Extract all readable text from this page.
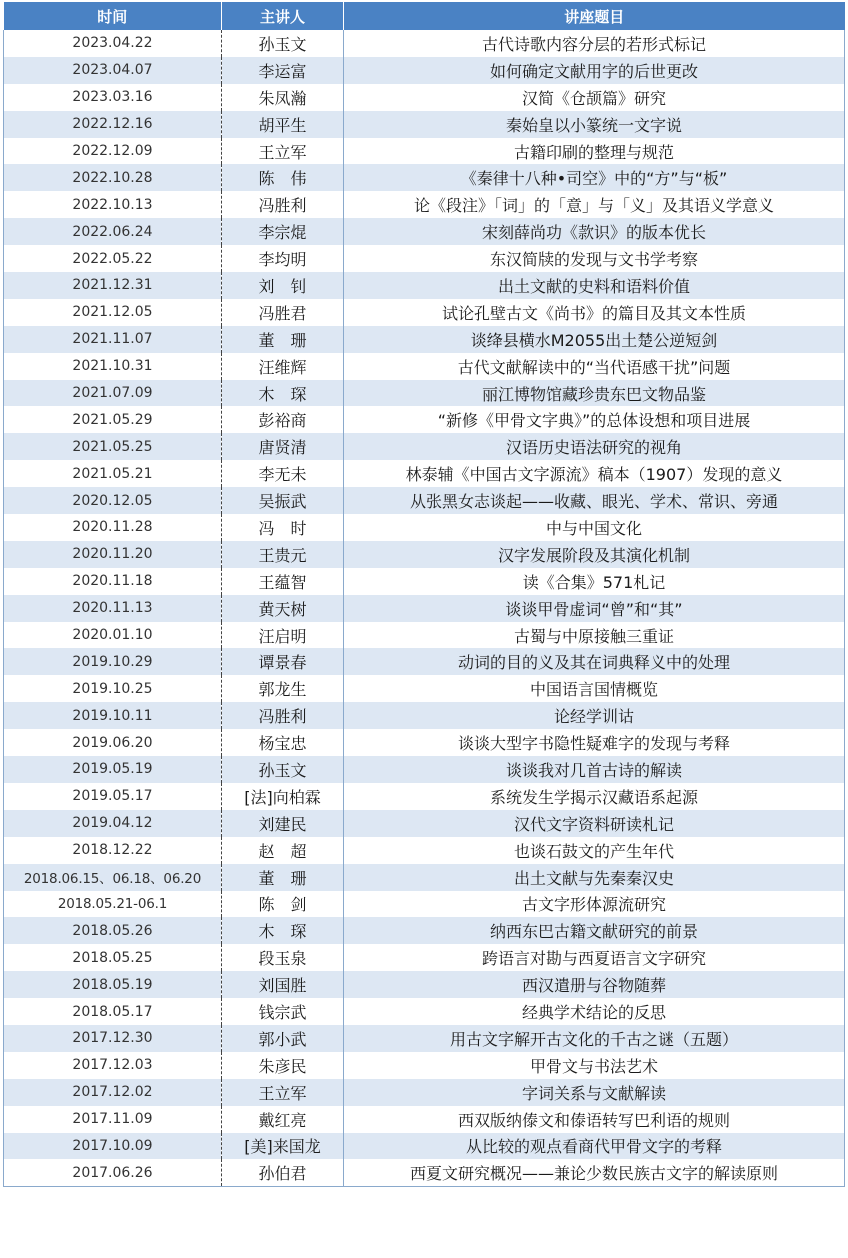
时间	主讲人	讲座题目
2023.04.22	孙玉文	古代诗歌内容分层的若形式标记
2023.04.07	李运富	如何确定文献用字的后世更改
2023.03.16	朱凤瀚	汉简《仓颉篇》研究
2022.12.16	胡平生	秦始皇以小篆统一文字说
2022.12.09	王立军	古籍印刷的整理与规范
2022.10.28	陈　伟	《秦律十八种•司空》中的“方”与“板”
2022.10.13	冯胜利	论《段注》「词」的「意」与「义」及其语义学意义
2022.06.24	李宗焜	宋刻薛尚功《款识》的版本优长
2022.05.22	李均明	东汉简牍的发现与文书学考察
2021.12.31	刘　钊	出土文献的史料和语料价值
2021.12.05	冯胜君	试论孔壁古文《尚书》的篇目及其文本性质
2021.11.07	董　珊	谈绛县横水M2055出土楚公逆短剑
2021.10.31	汪维辉	古代文献解读中的“当代语感干扰”问题
2021.07.09	木　琛	丽江博物馆藏珍贵东巴文物品鉴
2021.05.29	彭裕商	“新修《甲骨文字典》”的总体设想和项目进展
2021.05.25	唐贤清	汉语历史语法研究的视角
2021.05.21	李无未	林泰辅《中国古文字源流》稿本（1907）发现的意义
2020.12.05	吴振武	从张黑女志谈起——收藏、眼光、学术、常识、旁通
2020.11.28	冯　时	中与中国文化
2020.11.20	王贵元	汉字发展阶段及其演化机制
2020.11.18	王蕴智	读《合集》571札记
2020.11.13	黄天树	谈谈甲骨虚词“曾”和“其”
2020.01.10	汪启明	古蜀与中原接触三重证
2019.10.29	谭景春	动词的目的义及其在词典释义中的处理
2019.10.25	郭龙生	中国语言国情概览
2019.10.11	冯胜利	论经学训诂
2019.06.20	杨宝忠	谈谈大型字书隐性疑难字的发现与考释
2019.05.19	孙玉文	谈谈我对几首古诗的解读
2019.05.17	[法]向柏霖	系统发生学揭示汉藏语系起源
2019.04.12	刘建民	汉代文字资料研读札记
2018.12.22	赵　超	也谈石鼓文的产生年代
2018.06.15、06.18、06.20	董　珊	出土文献与先秦秦汉史
2018.05.21-06.1	陈　剑	古文字形体源流研究
2018.05.26	木　琛	纳西东巴古籍文献研究的前景
2018.05.25	段玉泉	跨语言对勘与西夏语言文字研究
2018.05.19	刘国胜	西汉遣册与谷物随葬
2018.05.17	钱宗武	经典学术结论的反思
2017.12.30	郭小武	用古文字解开古文化的千古之谜（五题）
2017.12.03	朱彦民	甲骨文与书法艺术
2017.12.02	王立军	字词关系与文献解读
2017.11.09	戴红亮	西双版纳傣文和傣语转写巴利语的规则
2017.10.09	[美]来国龙	从比较的观点看商代甲骨文字的考释
2017.06.26	孙伯君	西夏文研究概况——兼论少数民族古文字的解读原则
